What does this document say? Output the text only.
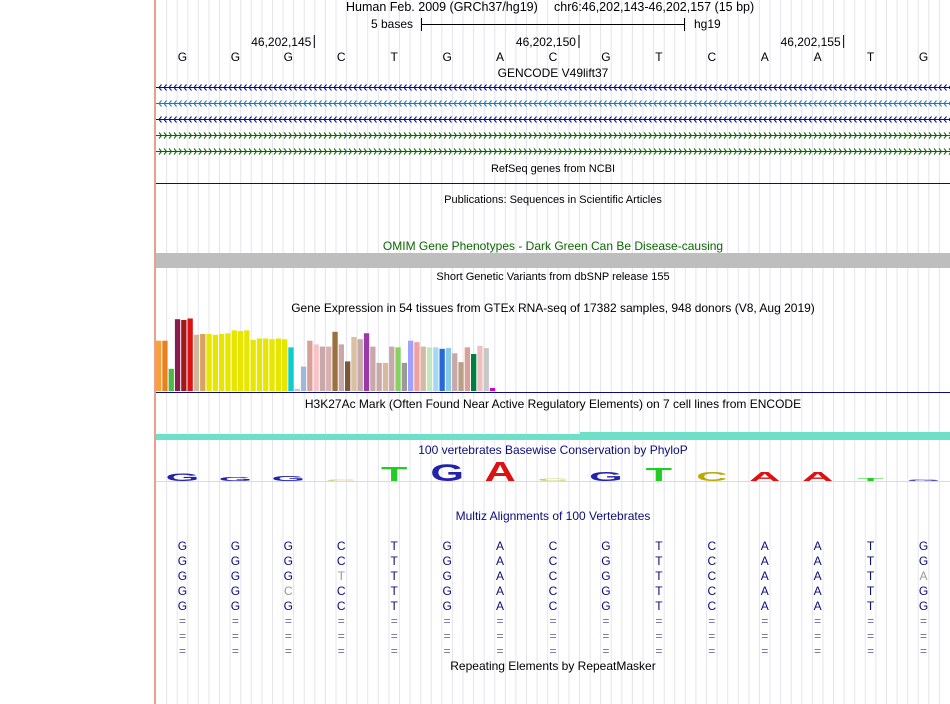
46,202,145	46,202,150	46,202,155
G	G	G	C	T	G	A	C	G	T	C	A	A	T	G
G G G C T G A C G T C A A T G
G	G	G	C	T	G	A	C	G	T	C	A	A	T	G
G	G	G	C	T	G	A	C	G	T	C	A	A	T	G
G	G	G	T	T	G	A	C	G	T	C	A	A	T	A
G	G	C	C	T	G	A	C	G	T	C	A	A	T	G
G	G	G	C	T	G	A	C	G	T	C	A	A	T	G
=	=	=	=	=	=	=	=	=	=	=	=	=	=	=
=	=	=	=	=	=	=	=	=	=	=	=	=	=	=
=	=	=	=	=	=	=	=	=	=	=	=	=	=	=
Human Feb. 2009 (GRCh37/hg19) chr6:46,202,143-46,202,157 (15 bp)
5 bases	hg19
GENCODE V49lift37
RefSeq genes from NCBI
Publications: Sequences in Scientific Articles
OMIM Gene Phenotypes - Dark Green Can Be Disease-causing
Short Genetic Variants from dbSNP release 155
Gene Expression in 54 tissues from GTEx RNA-seq of 17382 samples, 948 donors (V8, Aug 2019)
H3K27Ac Mark (Often Found Near Active Regulatory Elements) on 7 cell lines from ENCODE
100 vertebrates Basewise Conservation by PhyloP
Multiz Alignments of 100 Vertebrates
Repeating Elements by RepeatMasker
